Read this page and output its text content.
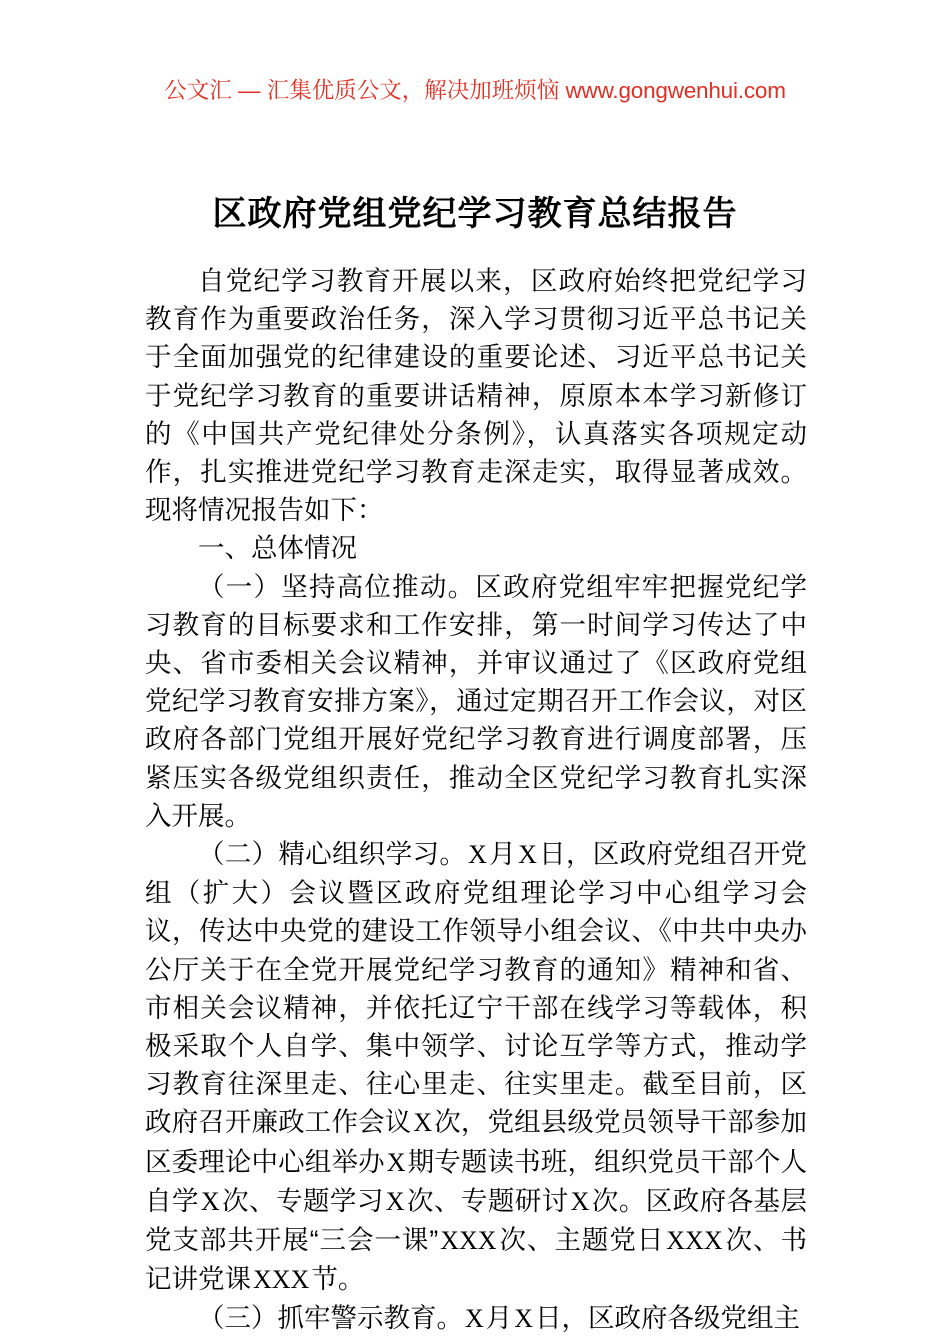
公文汇 — 汇集优质公文，解决加班烦恼 www.gongwenhui.com
区政府党组党纪学习教育总结报告

自党纪学习教育开展以来，区政府始终把党纪学习教育作为重要政治任务，深入学习贯彻习近平总书记关于全面加强党的纪律建设的重要论述、习近平总书记关于党纪学习教育的重要讲话精神，原原本本学习新修订的《中国共产党纪律处分条例》，认真落实各项规定动作，扎实推进党纪学习教育走深走实，取得显著成效。现将情况报告如下：

一、总体情况

（一）坚持高位推动。区政府党组牢牢把握党纪学习教育的目标要求和工作安排，第一时间学习传达了中央、省市委相关会议精神，并审议通过了《区政府党组党纪学习教育安排方案》，通过定期召开工作会议，对区政府各部门党组开展好党纪学习教育进行调度部署，压紧压实各级党组织责任，推动全区党纪学习教育扎实深入开展。

（二）精心组织学习。X月X日，区政府党组召开党组（扩大）会议暨区政府党组理论学习中心组学习会议，传达中央党的建设工作领导小组会议、《中共中央办公厅关于在全党开展党纪学习教育的通知》精神和省、市相关会议精神，并依托辽宁干部在线学习等载体，积极采取个人自学、集中领学、讨论互学等方式，推动学习教育往深里走、往心里走、往实里走。截至目前，区政府召开廉政工作会议X次，党组县级党员领导干部参加区委理论中心组举办X期专题读书班，组织党员干部个人自学X次、专题学习X次、专题研讨X次。区政府各基层党支部共开展“三会一课”XXX次、主题党日XXX次、书记讲党课XXX节。

（三）抓牢警示教育。X月X日，区政府各级党组主
